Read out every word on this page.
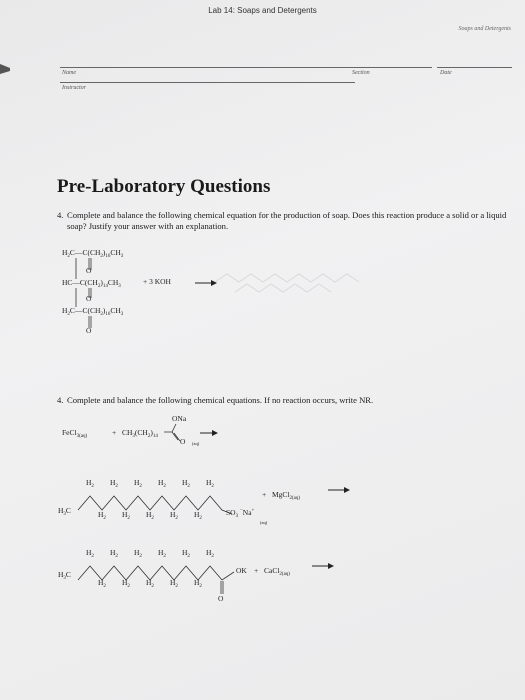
Lab 14: Soaps and Detergents
Soaps and Detergents
Name	Section	Date
Instructor
Pre-Laboratory Questions
4. Complete and balance the following chemical equation for the production of soap. Does this reaction produce a solid or a liquid soap? Justify your answer with an explanation.
$H_2C—C(CH_2)_{16}CH_3$
$HC—C(CH_2)_{14}CH_3$
$H_2C—C(CH_2)_{16}CH_3$
O
O
O
+ 3 KOH
4. Complete and balance the following chemical equations. If no reaction occurs, write NR.
FeCl$_{3(aq)}$	+ $CH_3(CH_2)_{14}$
ONa
O (aq)
$H_3C$
$H_2$ $H_2$ $H_2$ $H_2$ $H_2$ $H_2$
$H_2$ $H_2$ $H_2$ $H_2$ $H_2$
$SO_3$ −Na+
(aq)
+ MgCl$_{2(aq)}$
$H_3C$
$H_2$ $H_2$ $H_2$ $H_2$ $H_2$ $H_2$
$H_2$ $H_2$ $H_2$ $H_2$ $H_2$
O
OK + CaCl$_{2(aq)}$
